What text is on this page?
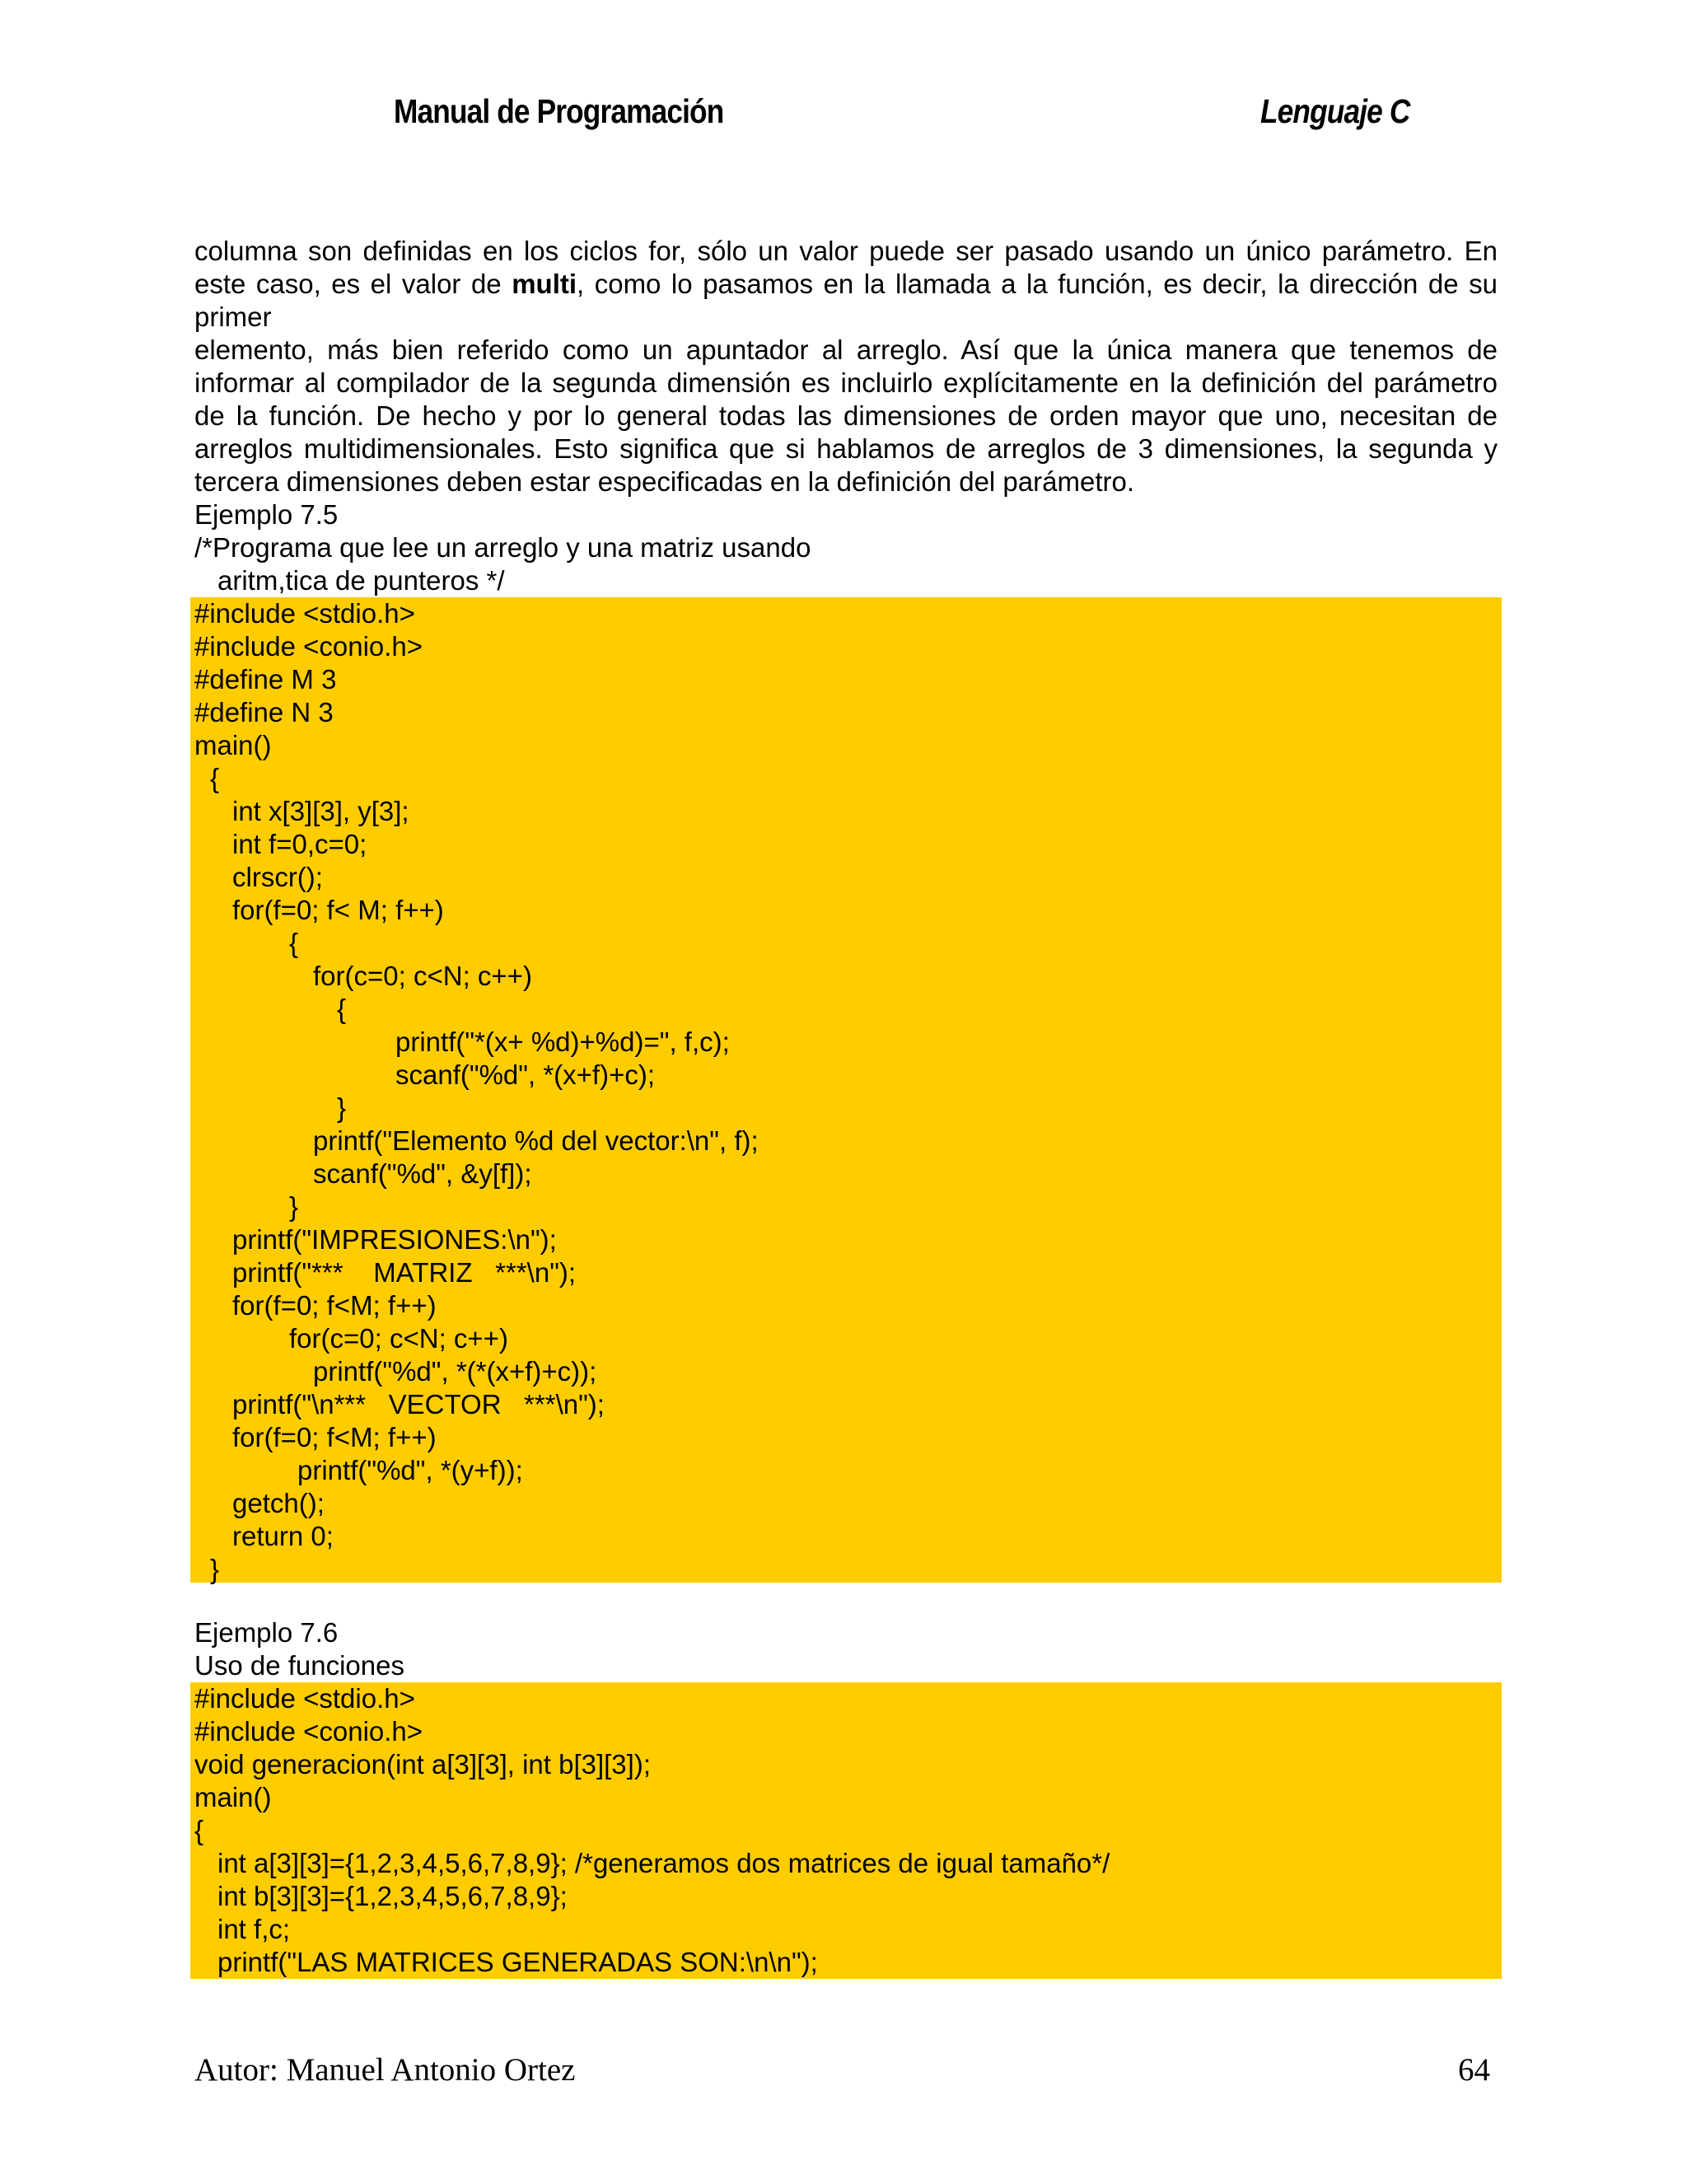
Manual de Programación	Lenguaje C
columna son definidas en los ciclos for, sólo un valor puede ser pasado usando un único parámetro. En
este caso, es el valor de multi, como lo pasamos en la llamada a la función, es decir, la dirección de su
primer
elemento, más bien referido como un apuntador al arreglo. Así que la única manera que tenemos de
informar al compilador de la segunda dimensión es incluirlo explícitamente en la definición del parámetro
de la función. De hecho y por lo general todas las dimensiones de orden mayor que uno, necesitan de
arreglos multidimensionales. Esto significa que si hablamos de arreglos de 3 dimensiones, la segunda y
tercera dimensiones deben estar especificadas en la definición del parámetro.
Ejemplo 7.5
/*Programa que lee un arreglo y una matriz usando
aritm,tica de punteros */
#include <stdio.h>
#include <conio.h>
#define M 3
#define N 3
main()
{
int x[3][3], y[3];
int f=0,c=0;
clrscr();
for(f=0; f< M; f++)
{
for(c=0; c<N; c++)
{
printf("*(x+ %d)+%d)=", f,c);
scanf("%d", *(x+f)+c);
}
printf("Elemento %d del vector:\n", f);
scanf("%d", &y[f]);
}
printf("IMPRESIONES:\n");
printf("***    MATRIZ   ***\n");
for(f=0; f<M; f++)
for(c=0; c<N; c++)
printf("%d", *(*(x+f)+c));
printf("\n***   VECTOR   ***\n");
for(f=0; f<M; f++)
printf("%d", *(y+f));
getch();
return 0;
}
Ejemplo 7.6
Uso de funciones
#include <stdio.h>
#include <conio.h>
void generacion(int a[3][3], int b[3][3]);
main()
{
int a[3][3]={1,2,3,4,5,6,7,8,9}; /*generamos dos matrices de igual tamaño*/
int b[3][3]={1,2,3,4,5,6,7,8,9};
int f,c;
printf("LAS MATRICES GENERADAS SON:\n\n");
Autor: Manuel Antonio Ortez	64
